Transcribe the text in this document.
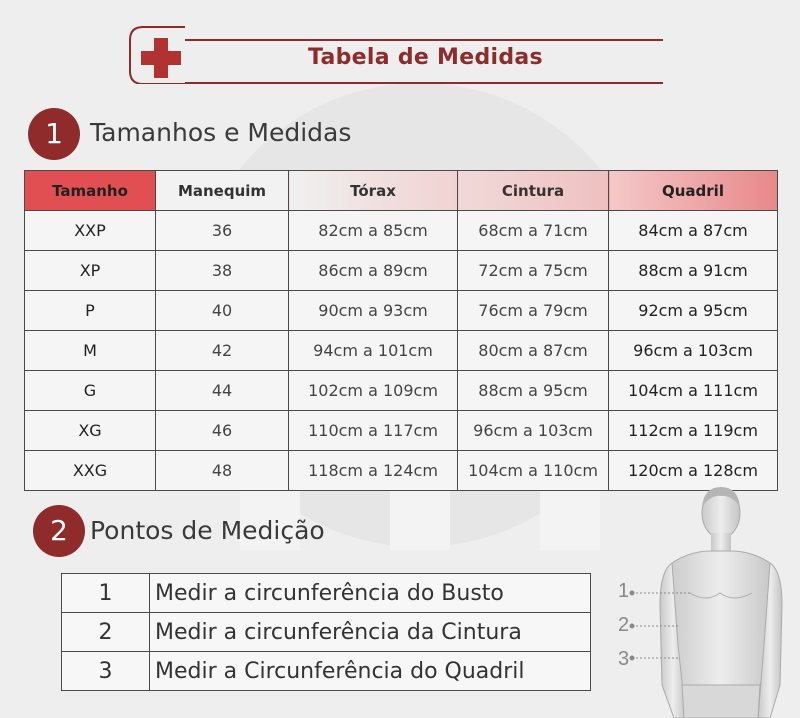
Tabela de Medidas
1	Tamanhos e Medidas
Tamanho	Manequim	Tórax	Cintura	Quadril
XXP	36	82cm a 85cm	68cm a 71cm	84cm a 87cm
XP	38	86cm a 89cm	72cm a 75cm	88cm a 91cm
P	40	90cm a 93cm	76cm a 79cm	92cm a 95cm
M	42	94cm a 101cm	80cm a 87cm	96cm a 103cm
G	44	102cm a 109cm	88cm a 95cm	104cm a 111cm
XG	46	110cm a 117cm	96cm a 103cm	112cm a 119cm
XXG	48	118cm a 124cm	104cm a 110cm	120cm a 128cm
2 Pontos de Medição
1	Medir a circunferência do Busto
2	Medir a circunferência da Cintura
3	Medir a Circunferência do Quadril
1
2
3
